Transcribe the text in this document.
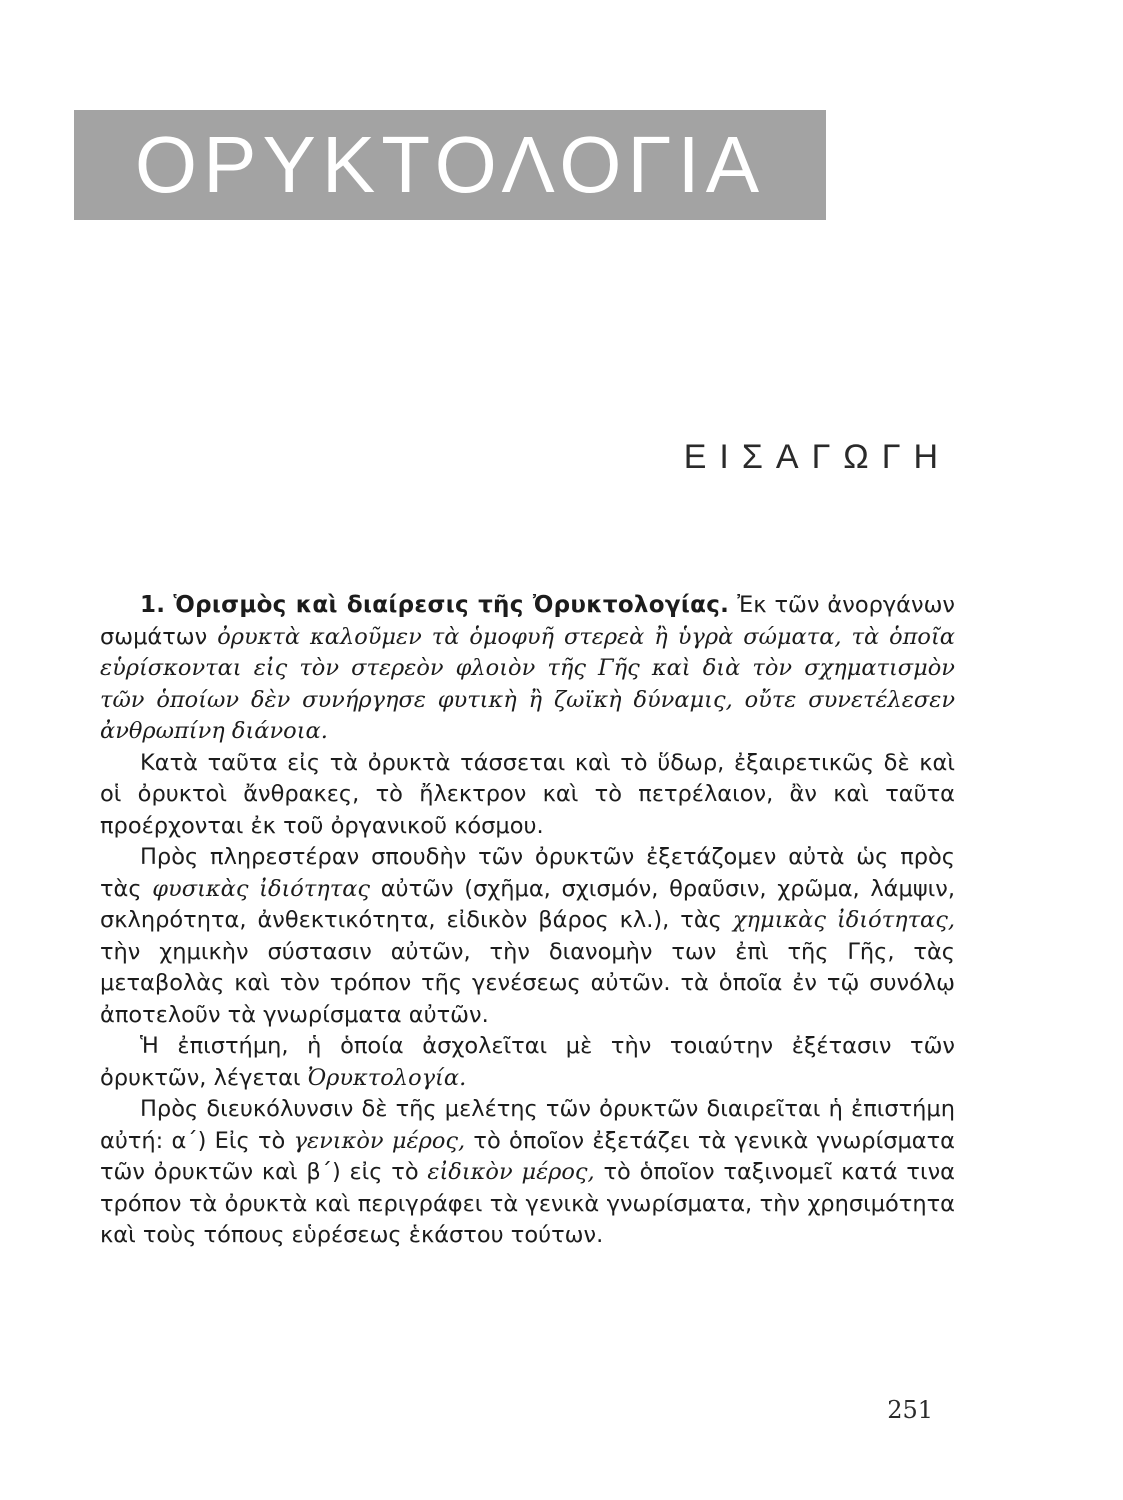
ΟΡΥΚΤΟΛΟΓΙΑ
ΕΙΣΑΓΩΓΗ

1. Ὁρισμὸς καὶ διαίρεσις τῆς Ὀρυκτολογίας. Ἐκ τῶν ἀνοργάνων σωμάτων ὀρυκτὰ καλοῦμεν τὰ ὁμοφυῆ στερεὰ ἢ ὑγρὰ σώματα, τὰ ὁποῖα εὑρίσκονται εἰς τὸν στερεὸν φλοιὸν τῆς Γῆς καὶ διὰ τὸν σχηματισμὸν τῶν ὁποίων δὲν συνήργησε φυτικὴ ἢ ζωϊκὴ δύναμις, οὔτε συνετέλεσεν ἀνθρωπίνη διάνοια.

Κατὰ ταῦτα εἰς τὰ ὀρυκτὰ τάσσεται καὶ τὸ ὕδωρ, ἐξαιρετικῶς δὲ καὶ οἱ ὀρυκτοὶ ἄνθρακες, τὸ ἤλεκτρον καὶ τὸ πετρέλαιον, ἂν καὶ ταῦτα προέρχονται ἐκ τοῦ ὀργανικοῦ κόσμου.

Πρὸς πληρεστέραν σπουδὴν τῶν ὀρυκτῶν ἐξετάζομεν αὐτὰ ὡς πρὸς τὰς φυσικὰς ἰδιότητας αὐτῶν (σχῆμα, σχισμόν, θραῦσιν, χρῶμα, λάμψιν, σκληρότητα, ἀνθεκτικότητα, εἰδικὸν βάρος κλ.), τὰς χημικὰς ἰδιότητας, τὴν χημικὴν σύστασιν αὐτῶν, τὴν διανομὴν των ἐπὶ τῆς Γῆς, τὰς μεταβολὰς καὶ τὸν τρόπον τῆς γενέσεως αὐτῶν. τὰ ὁποῖα ἐν τῷ συνόλῳ ἀποτελοῦν τὰ γνωρίσματα αὐτῶν.

Ἡ ἐπιστήμη, ἡ ὁποία ἀσχολεῖται μὲ τὴν τοιαύτην ἐξέτασιν τῶν ὀρυκτῶν, λέγεται Ὀρυκτολογία.

Πρὸς διευκόλυνσιν δὲ τῆς μελέτης τῶν ὀρυκτῶν διαιρεῖται ἡ ἐπιστήμη αὐτή: α΄) Εἰς τὸ γενικὸν μέρος, τὸ ὁποῖον ἐξετάζει τὰ γενικὰ γνωρίσματα τῶν ὀρυκτῶν καὶ β΄) εἰς τὸ εἰδικὸν μέρος, τὸ ὁποῖον ταξινομεῖ κατά τινα τρόπον τὰ ὀρυκτὰ καὶ περιγράφει τὰ γενικὰ γνωρίσματα, τὴν χρησιμότητα καὶ τοὺς τόπους εὑρέσεως ἑκάστου τούτων.

251
